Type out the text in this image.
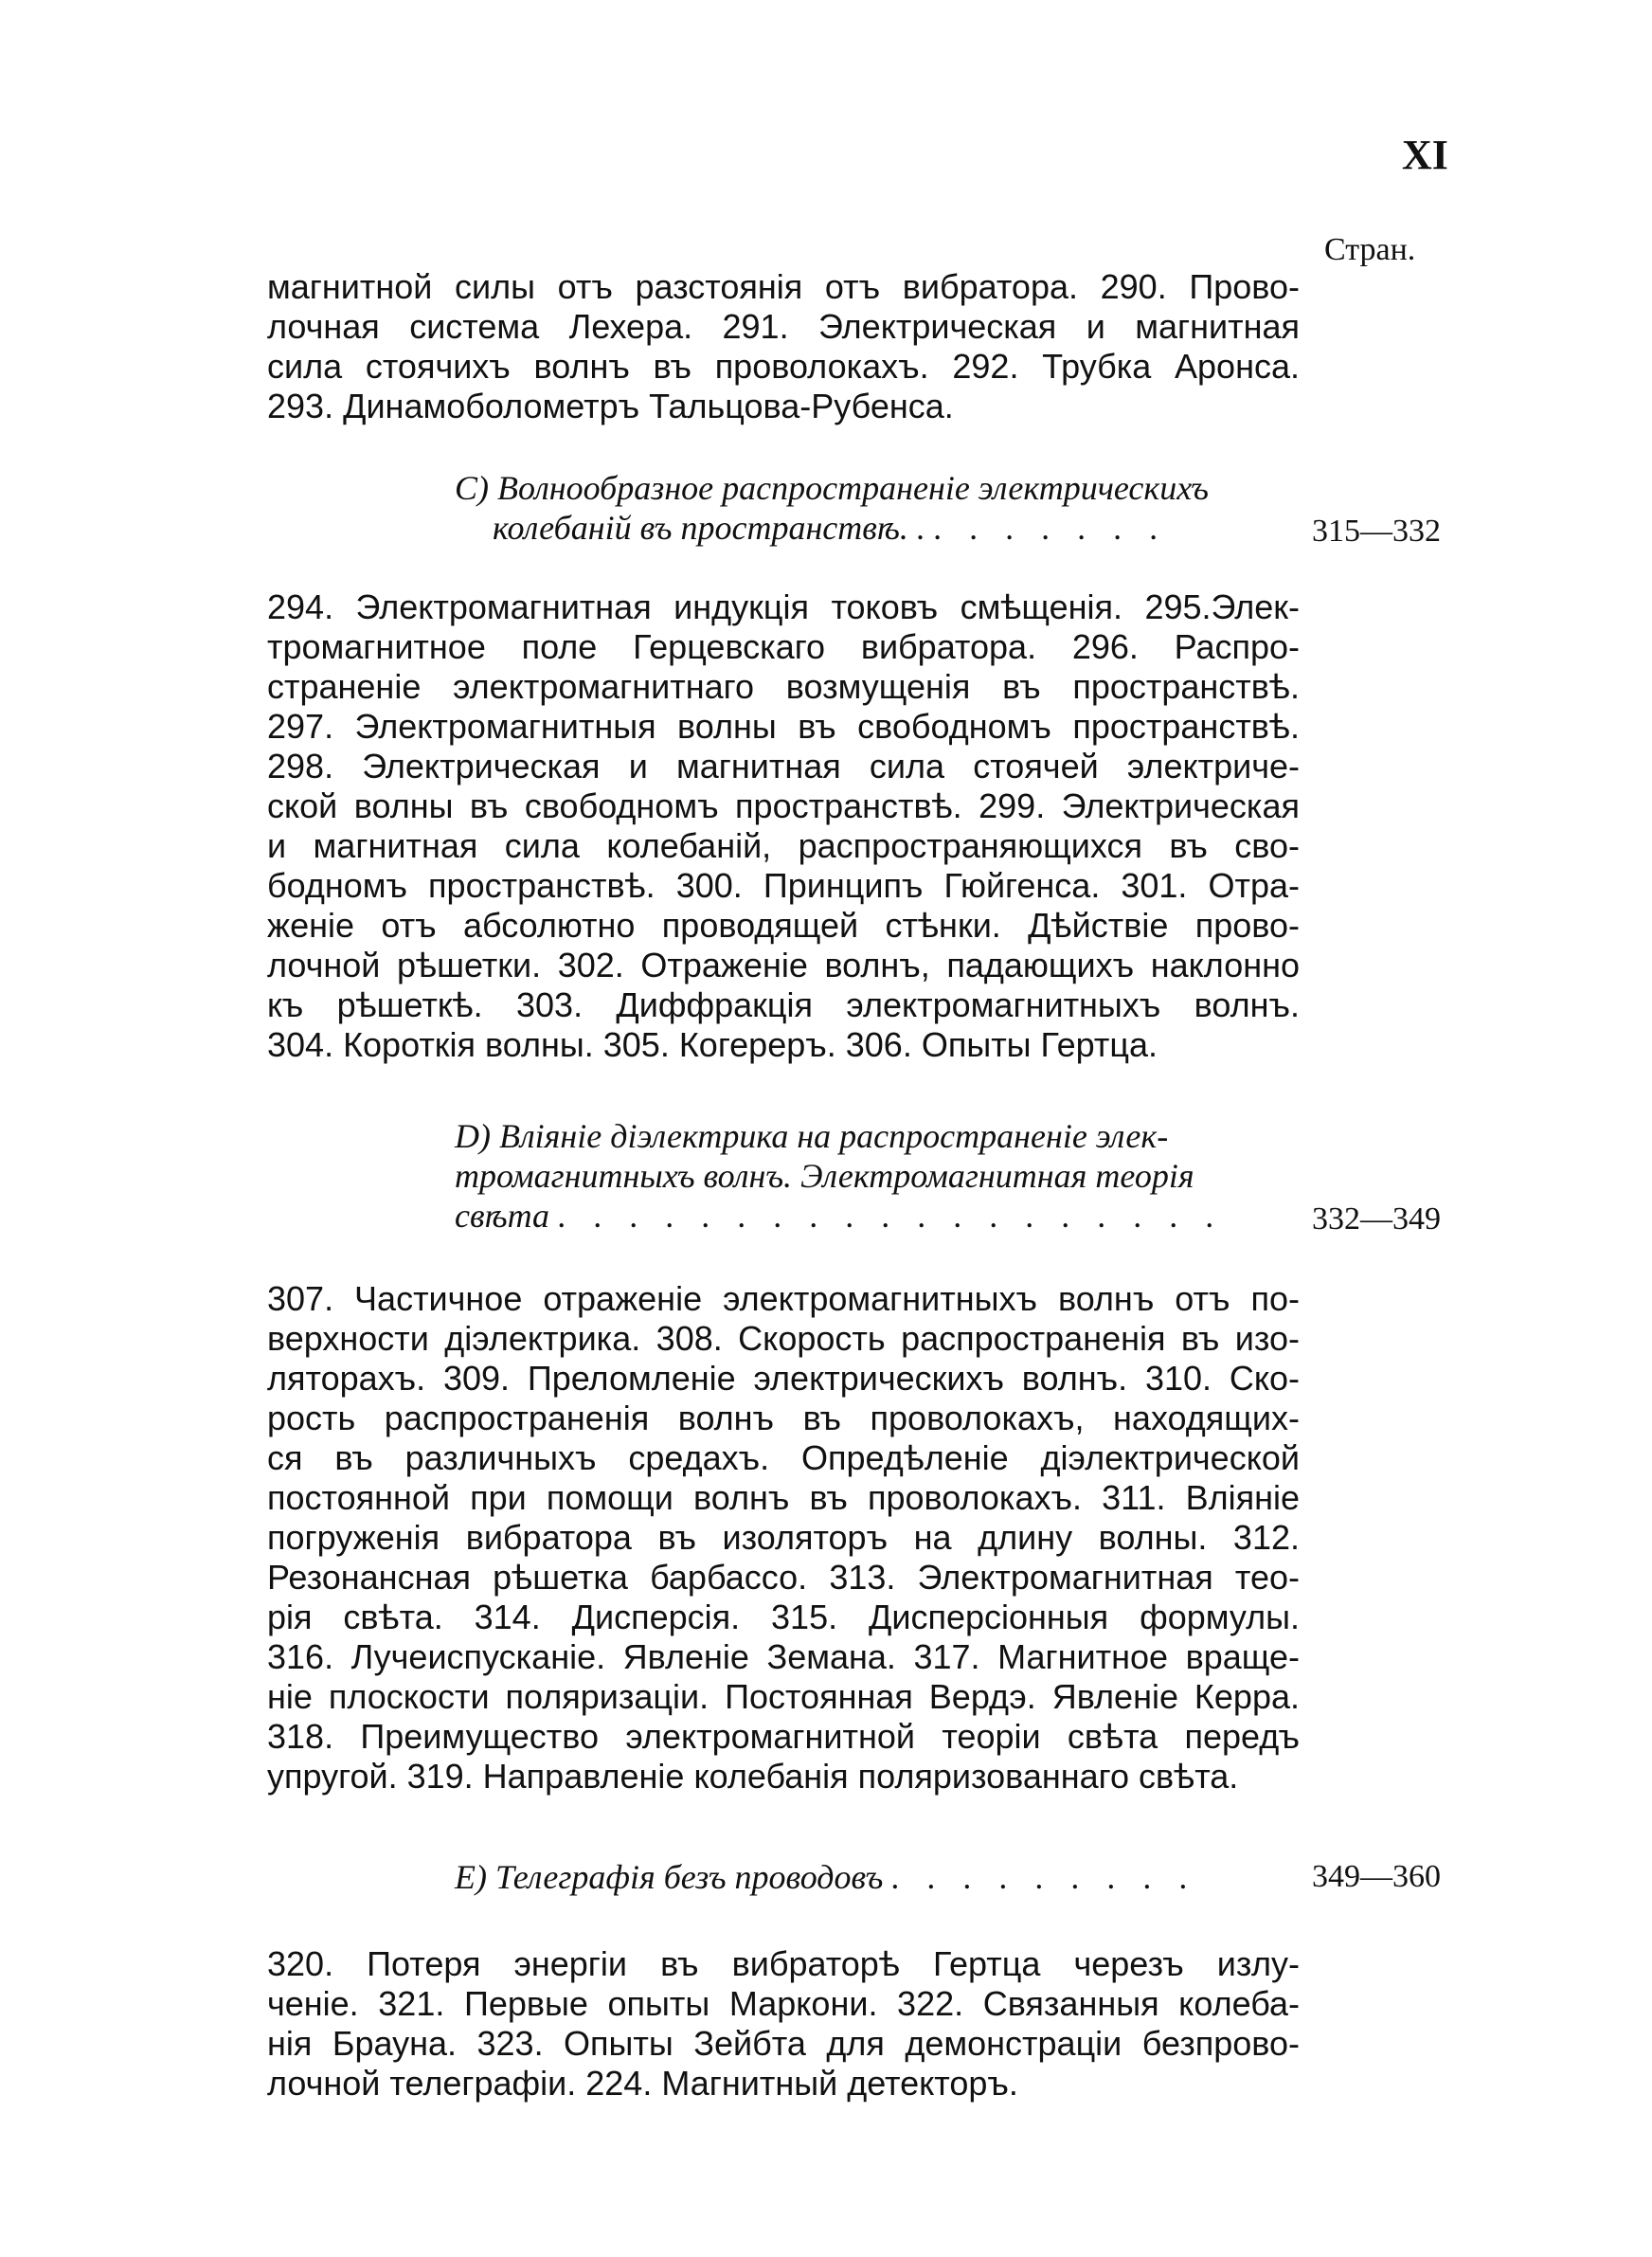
XI
Стран.
магнитной силы отъ разстоянія отъ вибратора. 290. Прово-
лочная система Лехера. 291. Электрическая и магнитная
сила стоячихъ волнъ въ проволокахъ. 292. Трубка Аронса.
293. Динамоболометръ Тальцова-Рубенса.
C) Волнообразное распространеніе электрическихъ
колебаній въ пространствѣ. . . . . . . . .	315—332
294. Электромагнитная индукція токовъ смѣщенія. 295.Элек-
тромагнитное поле Герцевскаго вибратора. 296. Распро-
страненіе электромагнитнаго возмущенія въ пространствѣ.
297. Электромагнитныя волны въ свободномъ пространствѣ.
298. Электрическая и магнитная сила стоячей электриче-
ской волны въ свободномъ пространствѣ. 299. Электрическая
и магнитная сила колебаній, распространяющихся въ сво-
бодномъ пространствѣ. 300. Принципъ Гюйгенса. 301. Отра-
женіе отъ абсолютно проводящей стѣнки. Дѣйствіе прово-
лочной рѣшетки. 302. Отраженіе волнъ, падающихъ наклонно
къ рѣшеткѣ. 303. Диффракція электромагнитныхъ волнъ.
304. Короткія волны. 305. Когереръ. 306. Опыты Гертца.
D) Вліяніе діэлектрика на распространеніе элек-
тромагнитныхъ волнъ. Электромагнитная теорія
свѣта . . . . . . . . . . . . . . . . . . .	332—349
307. Частичное отраженіе электромагнитныхъ волнъ отъ по-
верхности діэлектрика. 308. Скорость распространенія въ изо-
ляторахъ. 309. Преломленіе электрическихъ волнъ. 310. Ско-
рость распространенія волнъ въ проволокахъ, находящих-
ся въ различныхъ средахъ. Опредѣленіе діэлектрической
постоянной при помощи волнъ въ проволокахъ. 311. Вліяніе
погруженія вибратора въ изоляторъ на длину волны. 312.
Резонансная рѣшетка барбассо. 313. Электромагнитная тео-
рія свѣта. 314. Дисперсія. 315. Дисперсіонныя формулы.
316. Лучеиспусканіе. Явленіе Земана. 317. Магнитное враще-
ніе плоскости поляризаціи. Постоянная Вердэ. Явленіе Керра.
318. Преимущество электромагнитной теоріи свѣта передъ
упругой. 319. Направленіе колебанія поляризованнаго свѣта.
E) Телеграфія безъ проводовъ . . . . . . . . .	349—360
320. Потеря энергіи въ вибраторѣ Гертца черезъ излу-
ченіе. 321. Первые опыты Маркони. 322. Связанныя колеба-
нія Брауна. 323. Опыты Зейбта для демонстраціи безпрово-
лочной телеграфіи. 224. Магнитный детекторъ.
